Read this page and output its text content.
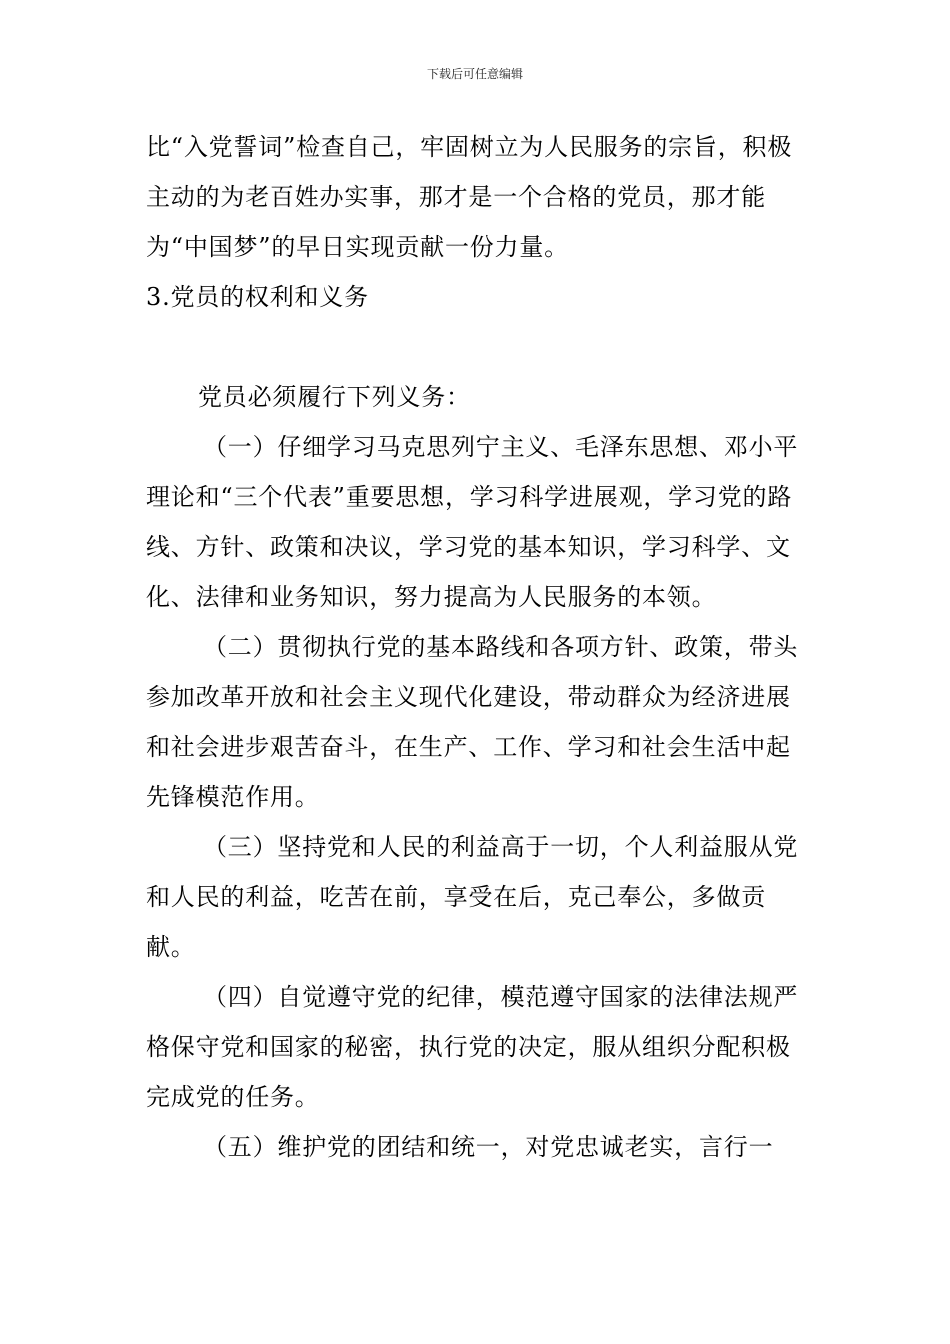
下载后可任意编辑

比“入党誓词”检查自己，牢固树立为人民服务的宗旨，积极主动的为老百姓办实事，那才是一个合格的党员，那才能为“中国梦”的早日实现贡献一份力量。

3.党员的权利和义务

党员必须履行下列义务：

（一）仔细学习马克思列宁主义、毛泽东思想、邓小平理论和“三个代表”重要思想，学习科学进展观，学习党的路线、方针、政策和决议，学习党的基本知识，学习科学、文化、法律和业务知识，努力提高为人民服务的本领。

（二）贯彻执行党的基本路线和各项方针、政策，带头参加改革开放和社会主义现代化建设，带动群众为经济进展和社会进步艰苦奋斗，在生产、工作、学习和社会生活中起先锋模范作用。

（三）坚持党和人民的利益高于一切，个人利益服从党和人民的利益，吃苦在前，享受在后，克己奉公，多做贡献。

（四）自觉遵守党的纪律，模范遵守国家的法律法规严格保守党和国家的秘密，执行党的决定，服从组织分配积极完成党的任务。

（五）维护党的团结和统一，对党忠诚老实，言行一
